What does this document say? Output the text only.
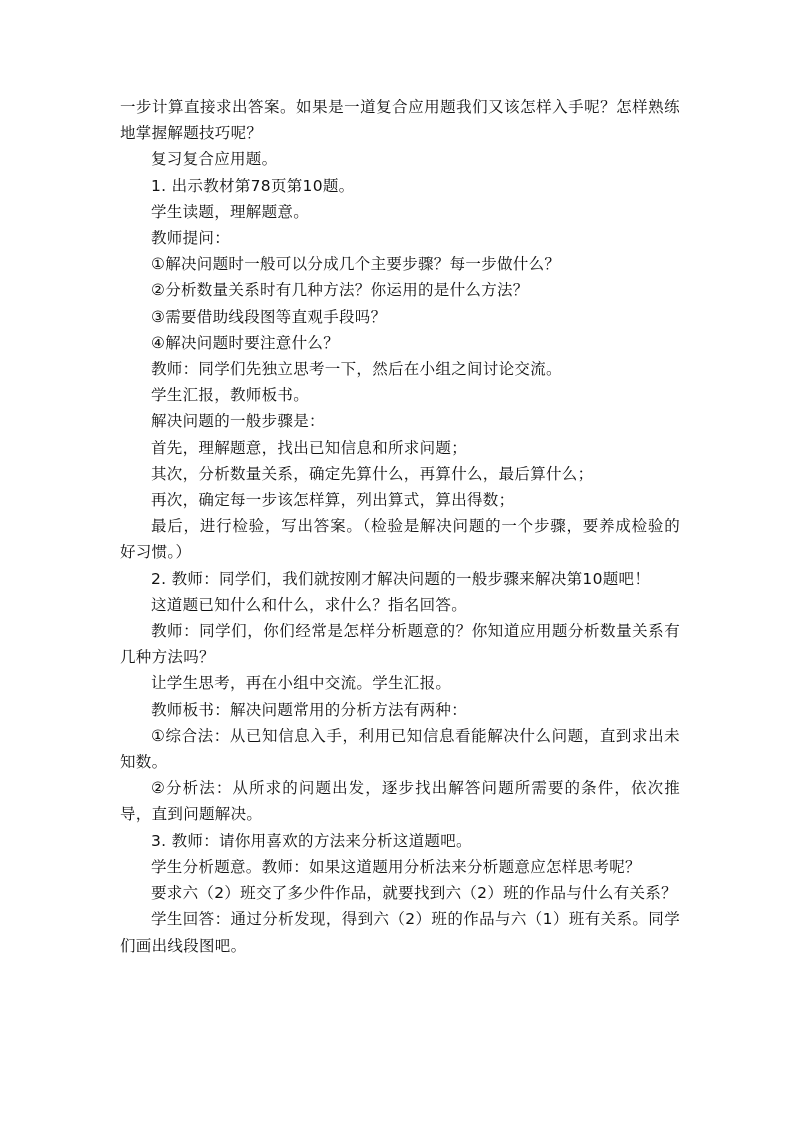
一步计算直接求出答案。如果是一道复合应用题我们又该怎样入手呢？怎样熟练地掌握解题技巧呢？

复习复合应用题。

1. 出示教材第78页第10题。

学生读题，理解题意。

教师提问：

①解决问题时一般可以分成几个主要步骤？每一步做什么？

②分析数量关系时有几种方法？你运用的是什么方法？

③需要借助线段图等直观手段吗？

④解决问题时要注意什么？

教师：同学们先独立思考一下，然后在小组之间讨论交流。

学生汇报，教师板书。

解决问题的一般步骤是：

首先，理解题意，找出已知信息和所求问题；

其次，分析数量关系，确定先算什么，再算什么，最后算什么；

再次，确定每一步该怎样算，列出算式，算出得数；

最后，进行检验，写出答案。（检验是解决问题的一个步骤，要养成检验的好习惯。）

2. 教师：同学们，我们就按刚才解决问题的一般步骤来解决第10题吧！

这道题已知什么和什么，求什么？指名回答。

教师：同学们，你们经常是怎样分析题意的？你知道应用题分析数量关系有几种方法吗？

让学生思考，再在小组中交流。学生汇报。

教师板书：解决问题常用的分析方法有两种：

①综合法：从已知信息入手，利用已知信息看能解决什么问题，直到求出未知数。

②分析法：从所求的问题出发，逐步找出解答问题所需要的条件，依次推导，直到问题解决。

3. 教师：请你用喜欢的方法来分析这道题吧。

学生分析题意。教师：如果这道题用分析法来分析题意应怎样思考呢？

要求六（2）班交了多少件作品，就要找到六（2）班的作品与什么有关系？

学生回答：通过分析发现，得到六（2）班的作品与六（1）班有关系。同学们画出线段图吧。
